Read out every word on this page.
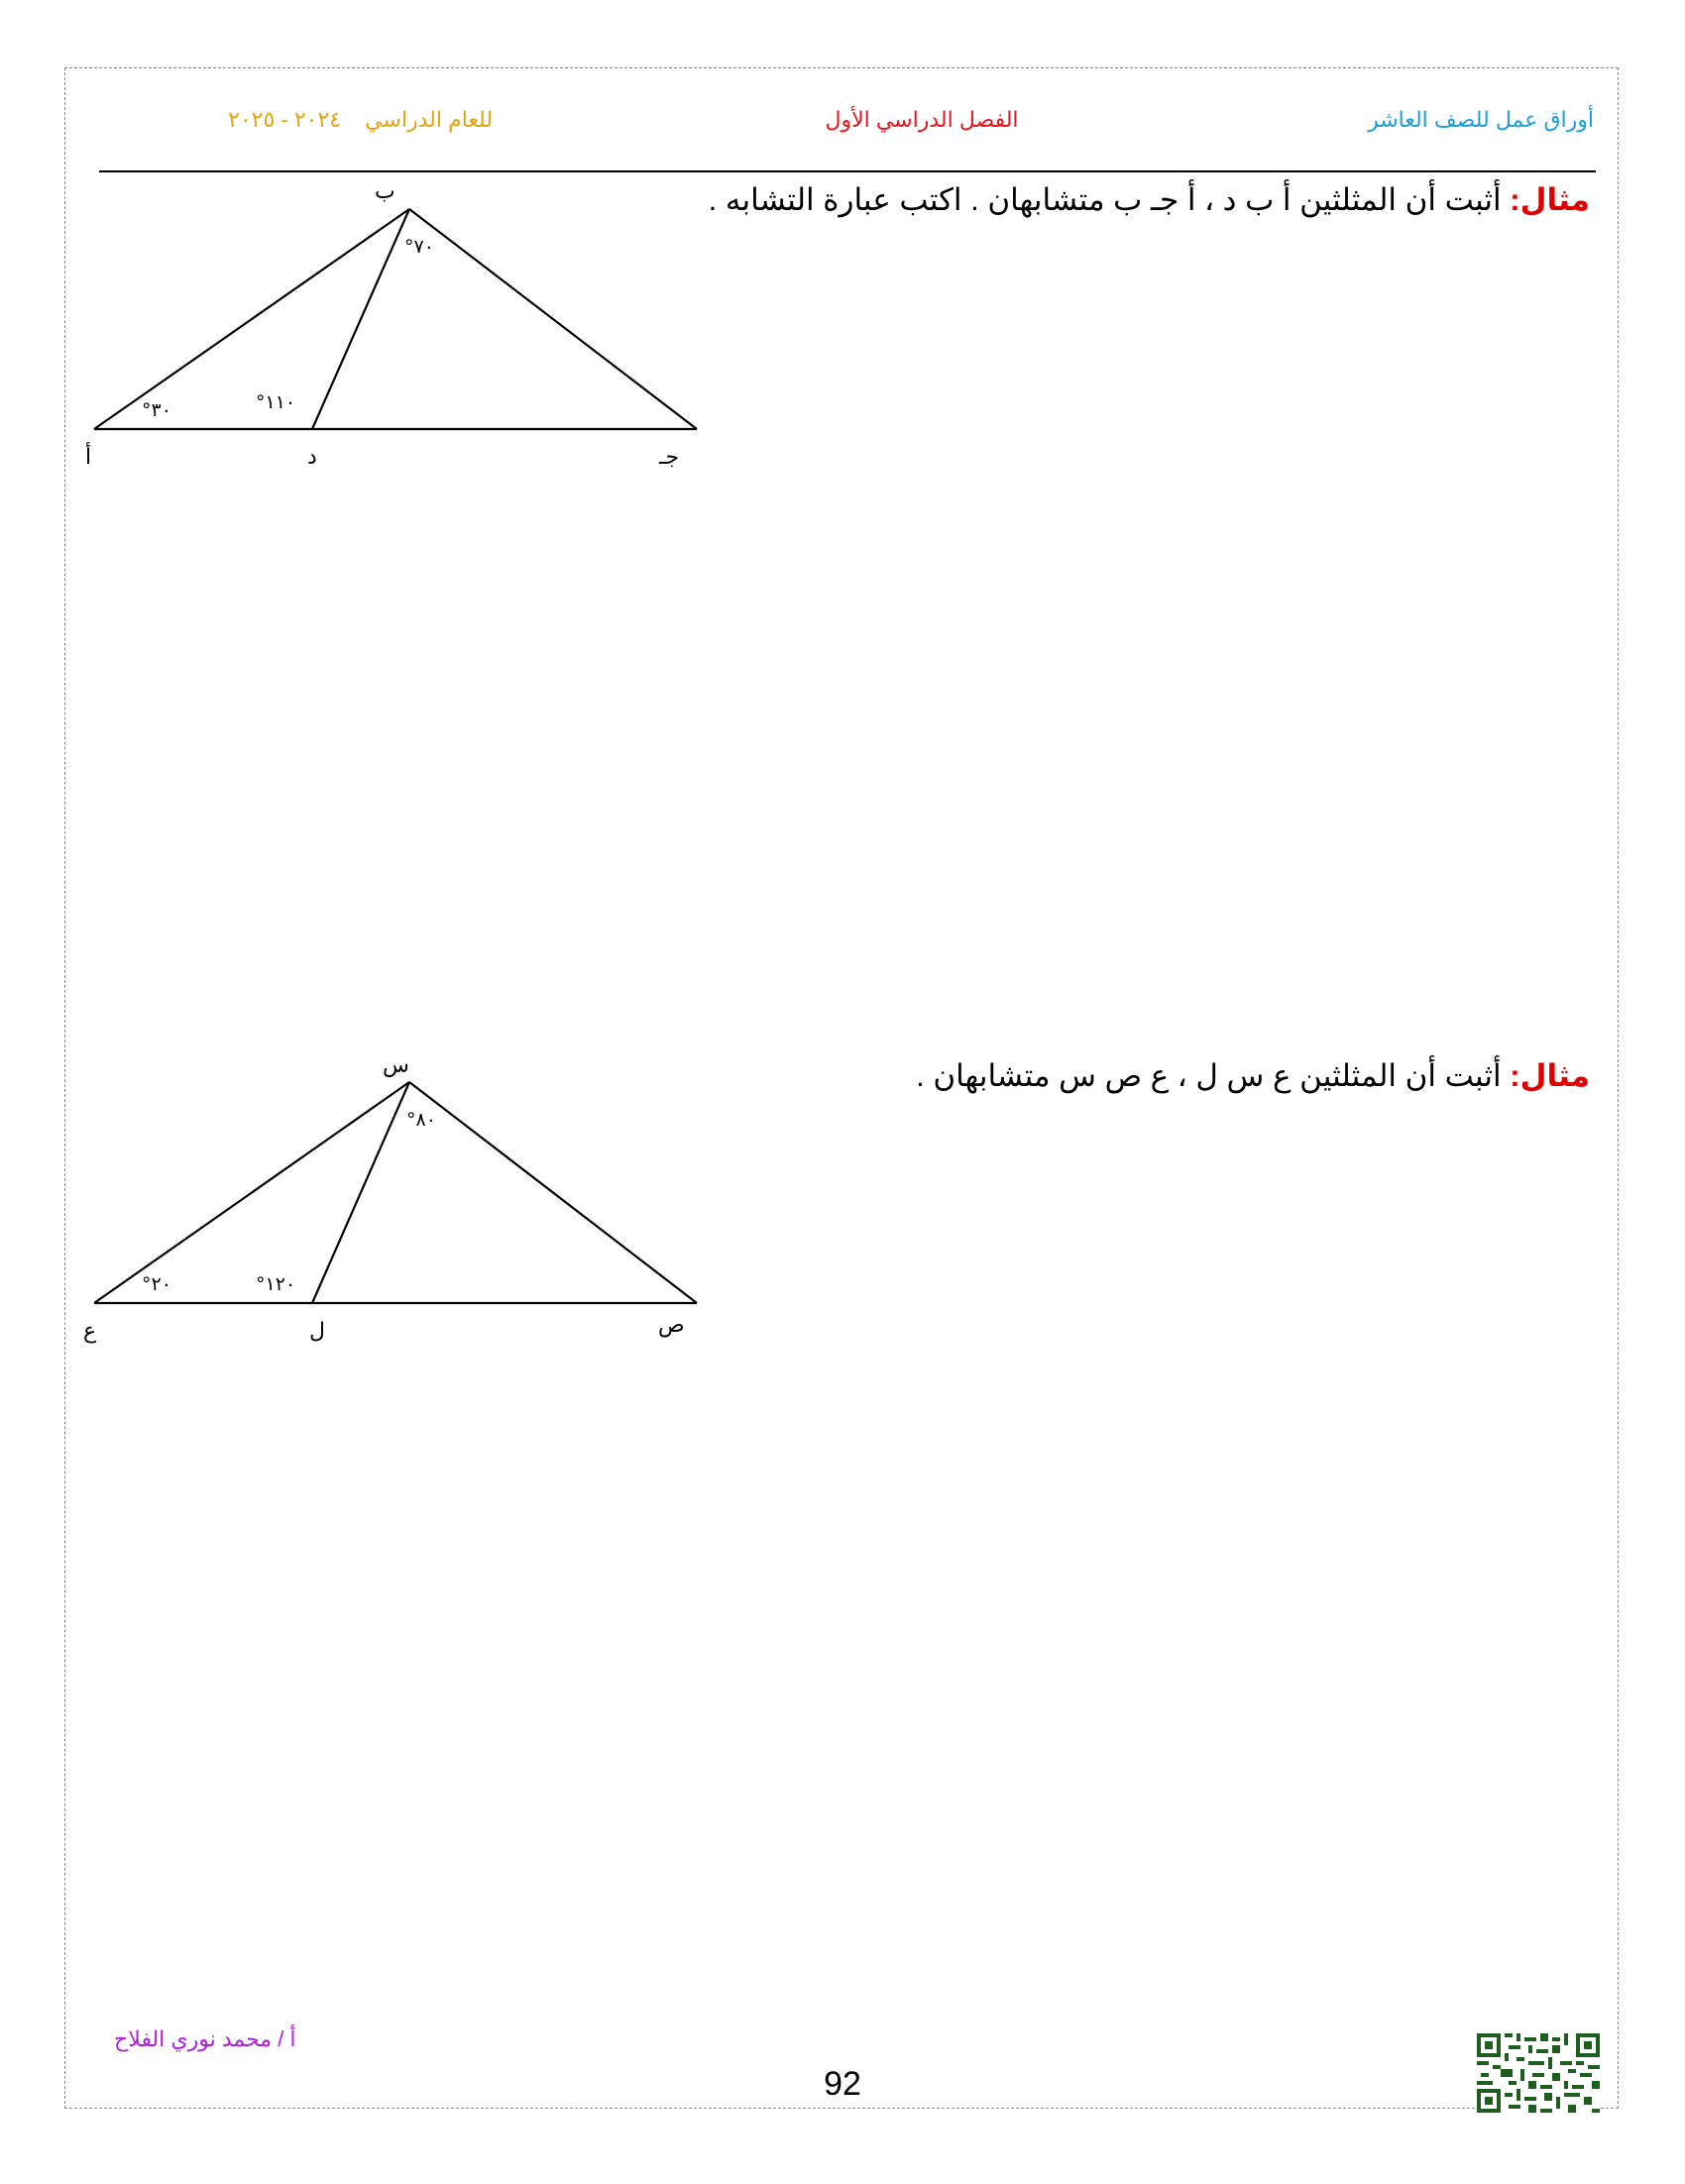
أوراق عمل للصف العاشر
الفصل الدراسي الأول
للعام الدراسي٢٠٢٤ - ٢٠٢٥
مثال: أثبت أن المثلثين أ ب د ، أ جـ ب متشابهان . اكتب عبارة التشابه .
ب
أ	د	جـ
°٣٠	°١١٠
°٧٠
مثال: أثبت أن المثلثين ع س ل ، ع ص س متشابهان .
س
ع	ل	ص
°٢٠	°١٢٠
°٨٠
أ / محمد نوري الفلاح
92
